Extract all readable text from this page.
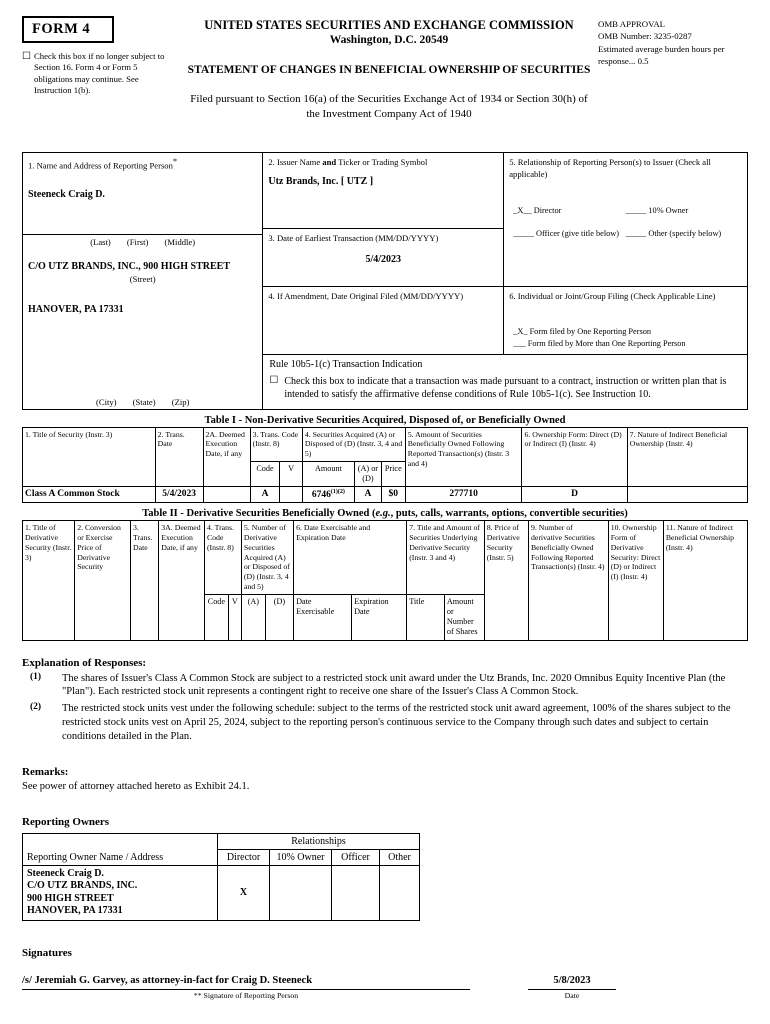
FORM 4
☐ Check this box if no longer subject to Section 16. Form 4 or Form 5 obligations may continue. See Instruction 1(b).
UNITED STATES SECURITIES AND EXCHANGE COMMISSION
Washington, D.C. 20549
STATEMENT OF CHANGES IN BENEFICIAL OWNERSHIP OF SECURITIES
Filed pursuant to Section 16(a) of the Securities Exchange Act of 1934 or Section 30(h) of the Investment Company Act of 1940
OMB APPROVAL
OMB Number: 3235-0287
Estimated average burden hours per response... 0.5
1. Name and Address of Reporting Person*
Steeneck Craig D.
(Last) (First) (Middle)
C/O UTZ BRANDS, INC., 900 HIGH STREET
(Street)
HANOVER, PA 17331
(City) (State) (Zip)
2. Issuer Name and Ticker or Trading Symbol
Utz Brands, Inc. [ UTZ ]
3. Date of Earliest Transaction (MM/DD/YYYY)
5/4/2023
4. If Amendment, Date Original Filed (MM/DD/YYYY)
5. Relationship of Reporting Person(s) to Issuer (Check all applicable)
_X__ Director	_____ 10% Owner
_____ Officer (give title below) _____ Other (specify below)
6. Individual or Joint/Group Filing (Check Applicable Line)
_X_ Form filed by One Reporting Person
___ Form filed by More than One Reporting Person
Rule 10b5-1(c) Transaction Indication
☐ Check this box to indicate that a transaction was made pursuant to a contract, instruction or written plan that is intended to satisfy the affirmative defense conditions of Rule 10b5-1(c). See Instruction 10.
Table I - Non-Derivative Securities Acquired, Disposed of, or Beneficially Owned
1. Title of Security (Instr. 3)	2. Trans. Date	2A. Deemed Execution Date, if any	3. Trans. Code (Instr. 8)		4. Securities Acquired (A) or Disposed of (D) (Instr. 3, 4 and 5)			5. Amount of Securities Beneficially Owned Following Reported Transaction(s) (Instr. 3 and 4)	6. Ownership Form: Direct (D) or Indirect (I) (Instr. 4)	7. Nature of Indirect Beneficial Ownership (Instr. 4)
			Code	V	Amount	(A) or (D)	Price			
Class A Common Stock	5/4/2023		A		$6746^{(1)(2)}$	A	$0	277710	D	
Table II - Derivative Securities Beneficially Owned (e.g., puts, calls, warrants, options, convertible securities)
1. Title of Derivative Security (Instr. 3)	2. Conversion or Exercise Price of Derivative Security	3. Trans. Date	3A. Deemed Execution Date, if any	4. Trans. Code (Instr. 8)		5. Number of Derivative Securities Acquired (A) or Disposed of (D) (Instr. 3, 4 and 5)		6. Date Exercisable and Expiration Date		7. Title and Amount of Securities Underlying Derivative Security (Instr. 3 and 4)		8. Price of Derivative Security (Instr. 5)	9. Number of derivative Securities Beneficially Owned Following Reported Transaction(s) (Instr. 4)	10. Ownership Form of Derivative Security: Direct (D) or Indirect (I) (Instr. 4)	11. Nature of Indirect Beneficial Ownership (Instr. 4)
				Code	V	(A)	(D)	Date Exercisable	Expiration Date	Title	Amount or Number of Shares				
Explanation of Responses:
(1)	The shares of Issuer's Class A Common Stock are subject to a restricted stock unit award under the Utz Brands, Inc. 2020 Omnibus Equity Incentive Plan (the "Plan"). Each restricted stock unit represents a contingent right to receive one share of the Issuer's Class A Common Stock.
(2)	The restricted stock units vest under the following schedule: subject to the terms of the restricted stock unit award agreement, 100% of the shares subject to the restricted stock units vest on April 25, 2024, subject to the reporting person's continuous service to the Company through such dates and subject to certain conditions detailed in the Plan.
Remarks:
See power of attorney attached hereto as Exhibit 24.1.
Reporting Owners
Reporting Owner Name / Address	Relationships			
	Director	10% Owner	Officer	Other

Steeneck Craig D.
C/O UTZ BRANDS, INC.
900 HIGH STREET
HANOVER, PA 17331	X			
Signatures
/s/ Jeremiah G. Garvey, as attorney-in-fact for Craig D. Steeneck
** Signature of Reporting Person
5/8/2023
Date
